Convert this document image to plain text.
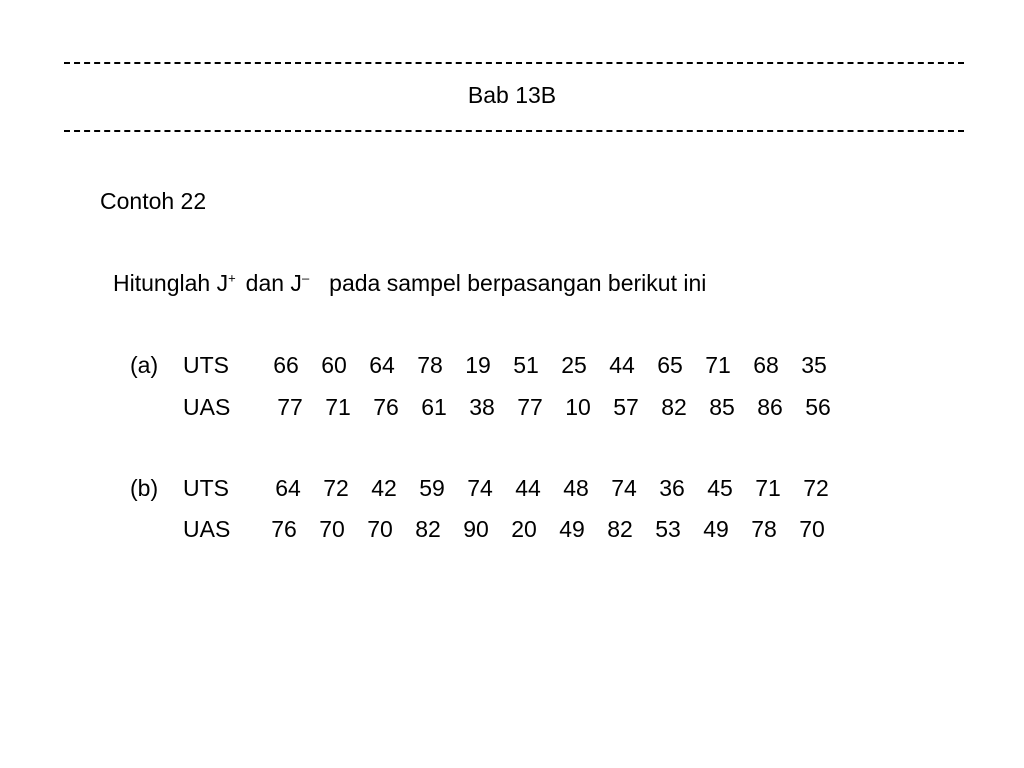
Bab 13B
Contoh 22
Hitunglah J+ dan J– pada sampel berpasangan berikut ini
(a) UTS	66 60 64 78 19 51 25 44 65 71 68 35
UAS	77 71 76 61 38 77 10 57 82 85 86 56
(b) UTS	64 72 42 59 74 44 48 74 36 45 71 72
UAS	76 70 70 82 90 20 49 82 53 49 78 70
